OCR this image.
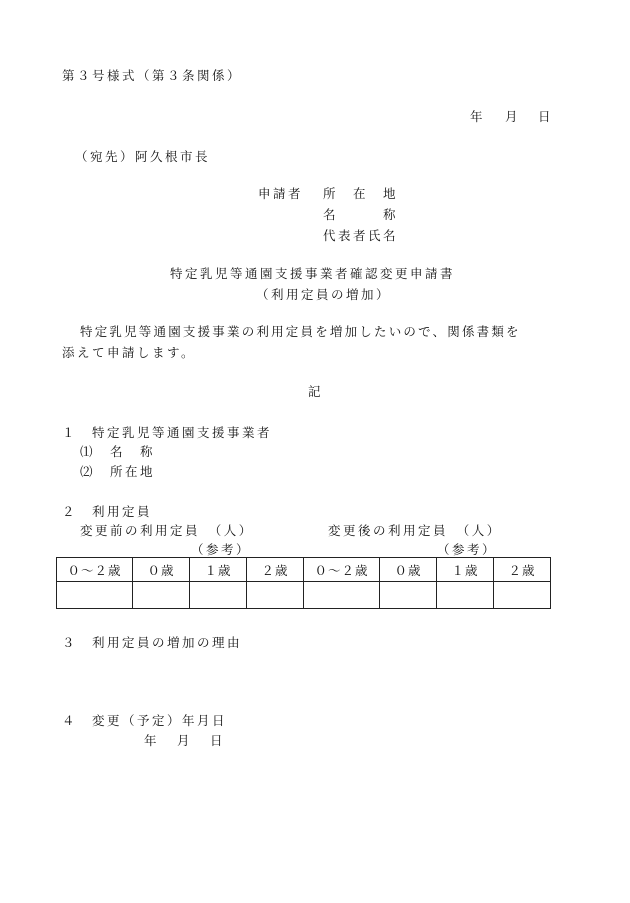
第３号様式（第３条関係）
年 月 日
（宛先）阿久根市長
申請者 所　在　地
名　　　称
代表者氏名
特定乳児等通園支援事業者確認変更申請書
（利用定員の増加）
特定乳児等通園支援事業の利用定員を増加したいので、関係書類を
添えて申請します。
記
１　特定乳児等通園支援事業者
⑴　名　称
⑵　所在地
２　利用定員
変更前の利用定員　（人）	変更後の利用定員　（人）
（参考）	（参考）
０～２歳	０歳	１歳	２歳	０～２歳	０歳	１歳	２歳

３　利用定員の増加の理由
４　変更（予定）年月日
年 月 日
